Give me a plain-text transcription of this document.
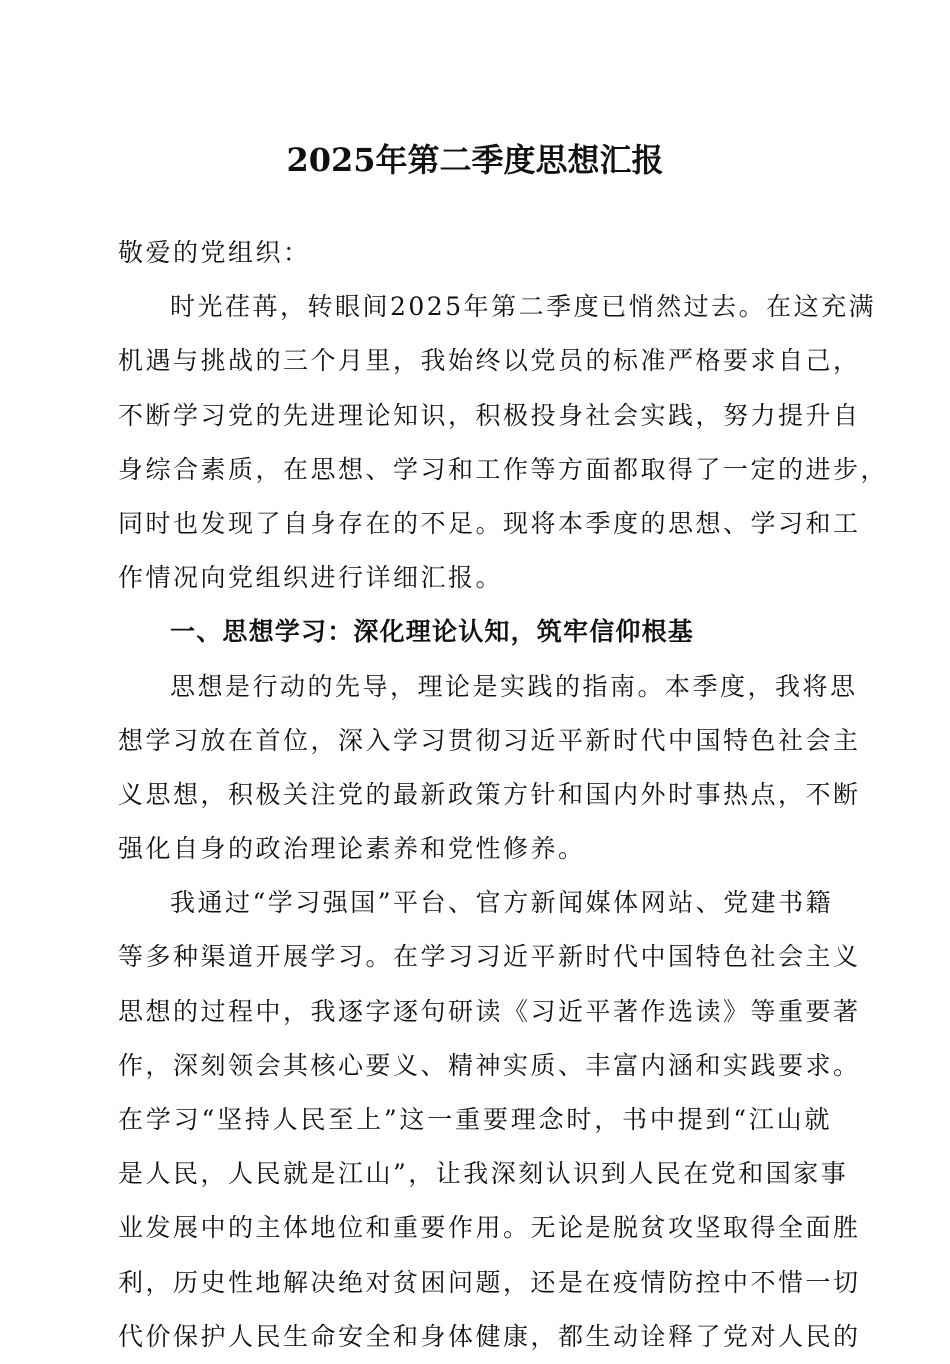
2025年第二季度思想汇报
敬爱的党组织：
时光荏苒，转眼间2025年第二季度已悄然过去。在这充满
机遇与挑战的三个月里，我始终以党员的标准严格要求自己，
不断学习党的先进理论知识，积极投身社会实践，努力提升自
身综合素质，在思想、学习和工作等方面都取得了一定的进步，
同时也发现了自身存在的不足。现将本季度的思想、学习和工
作情况向党组织进行详细汇报。
一、思想学习：深化理论认知，筑牢信仰根基
思想是行动的先导，理论是实践的指南。本季度，我将思
想学习放在首位，深入学习贯彻习近平新时代中国特色社会主
义思想，积极关注党的最新政策方针和国内外时事热点，不断
强化自身的政治理论素养和党性修养。
我通过“学习强国”平台、官方新闻媒体网站、党建书籍
等多种渠道开展学习。在学习习近平新时代中国特色社会主义
思想的过程中，我逐字逐句研读《习近平著作选读》等重要著
作，深刻领会其核心要义、精神实质、丰富内涵和实践要求。
在学习“坚持人民至上”这一重要理念时，书中提到“江山就
是人民，人民就是江山”，让我深刻认识到人民在党和国家事
业发展中的主体地位和重要作用。无论是脱贫攻坚取得全面胜
利，历史性地解决绝对贫困问题，还是在疫情防控中不惜一切
代价保护人民生命安全和身体健康，都生动诠释了党对人民的
